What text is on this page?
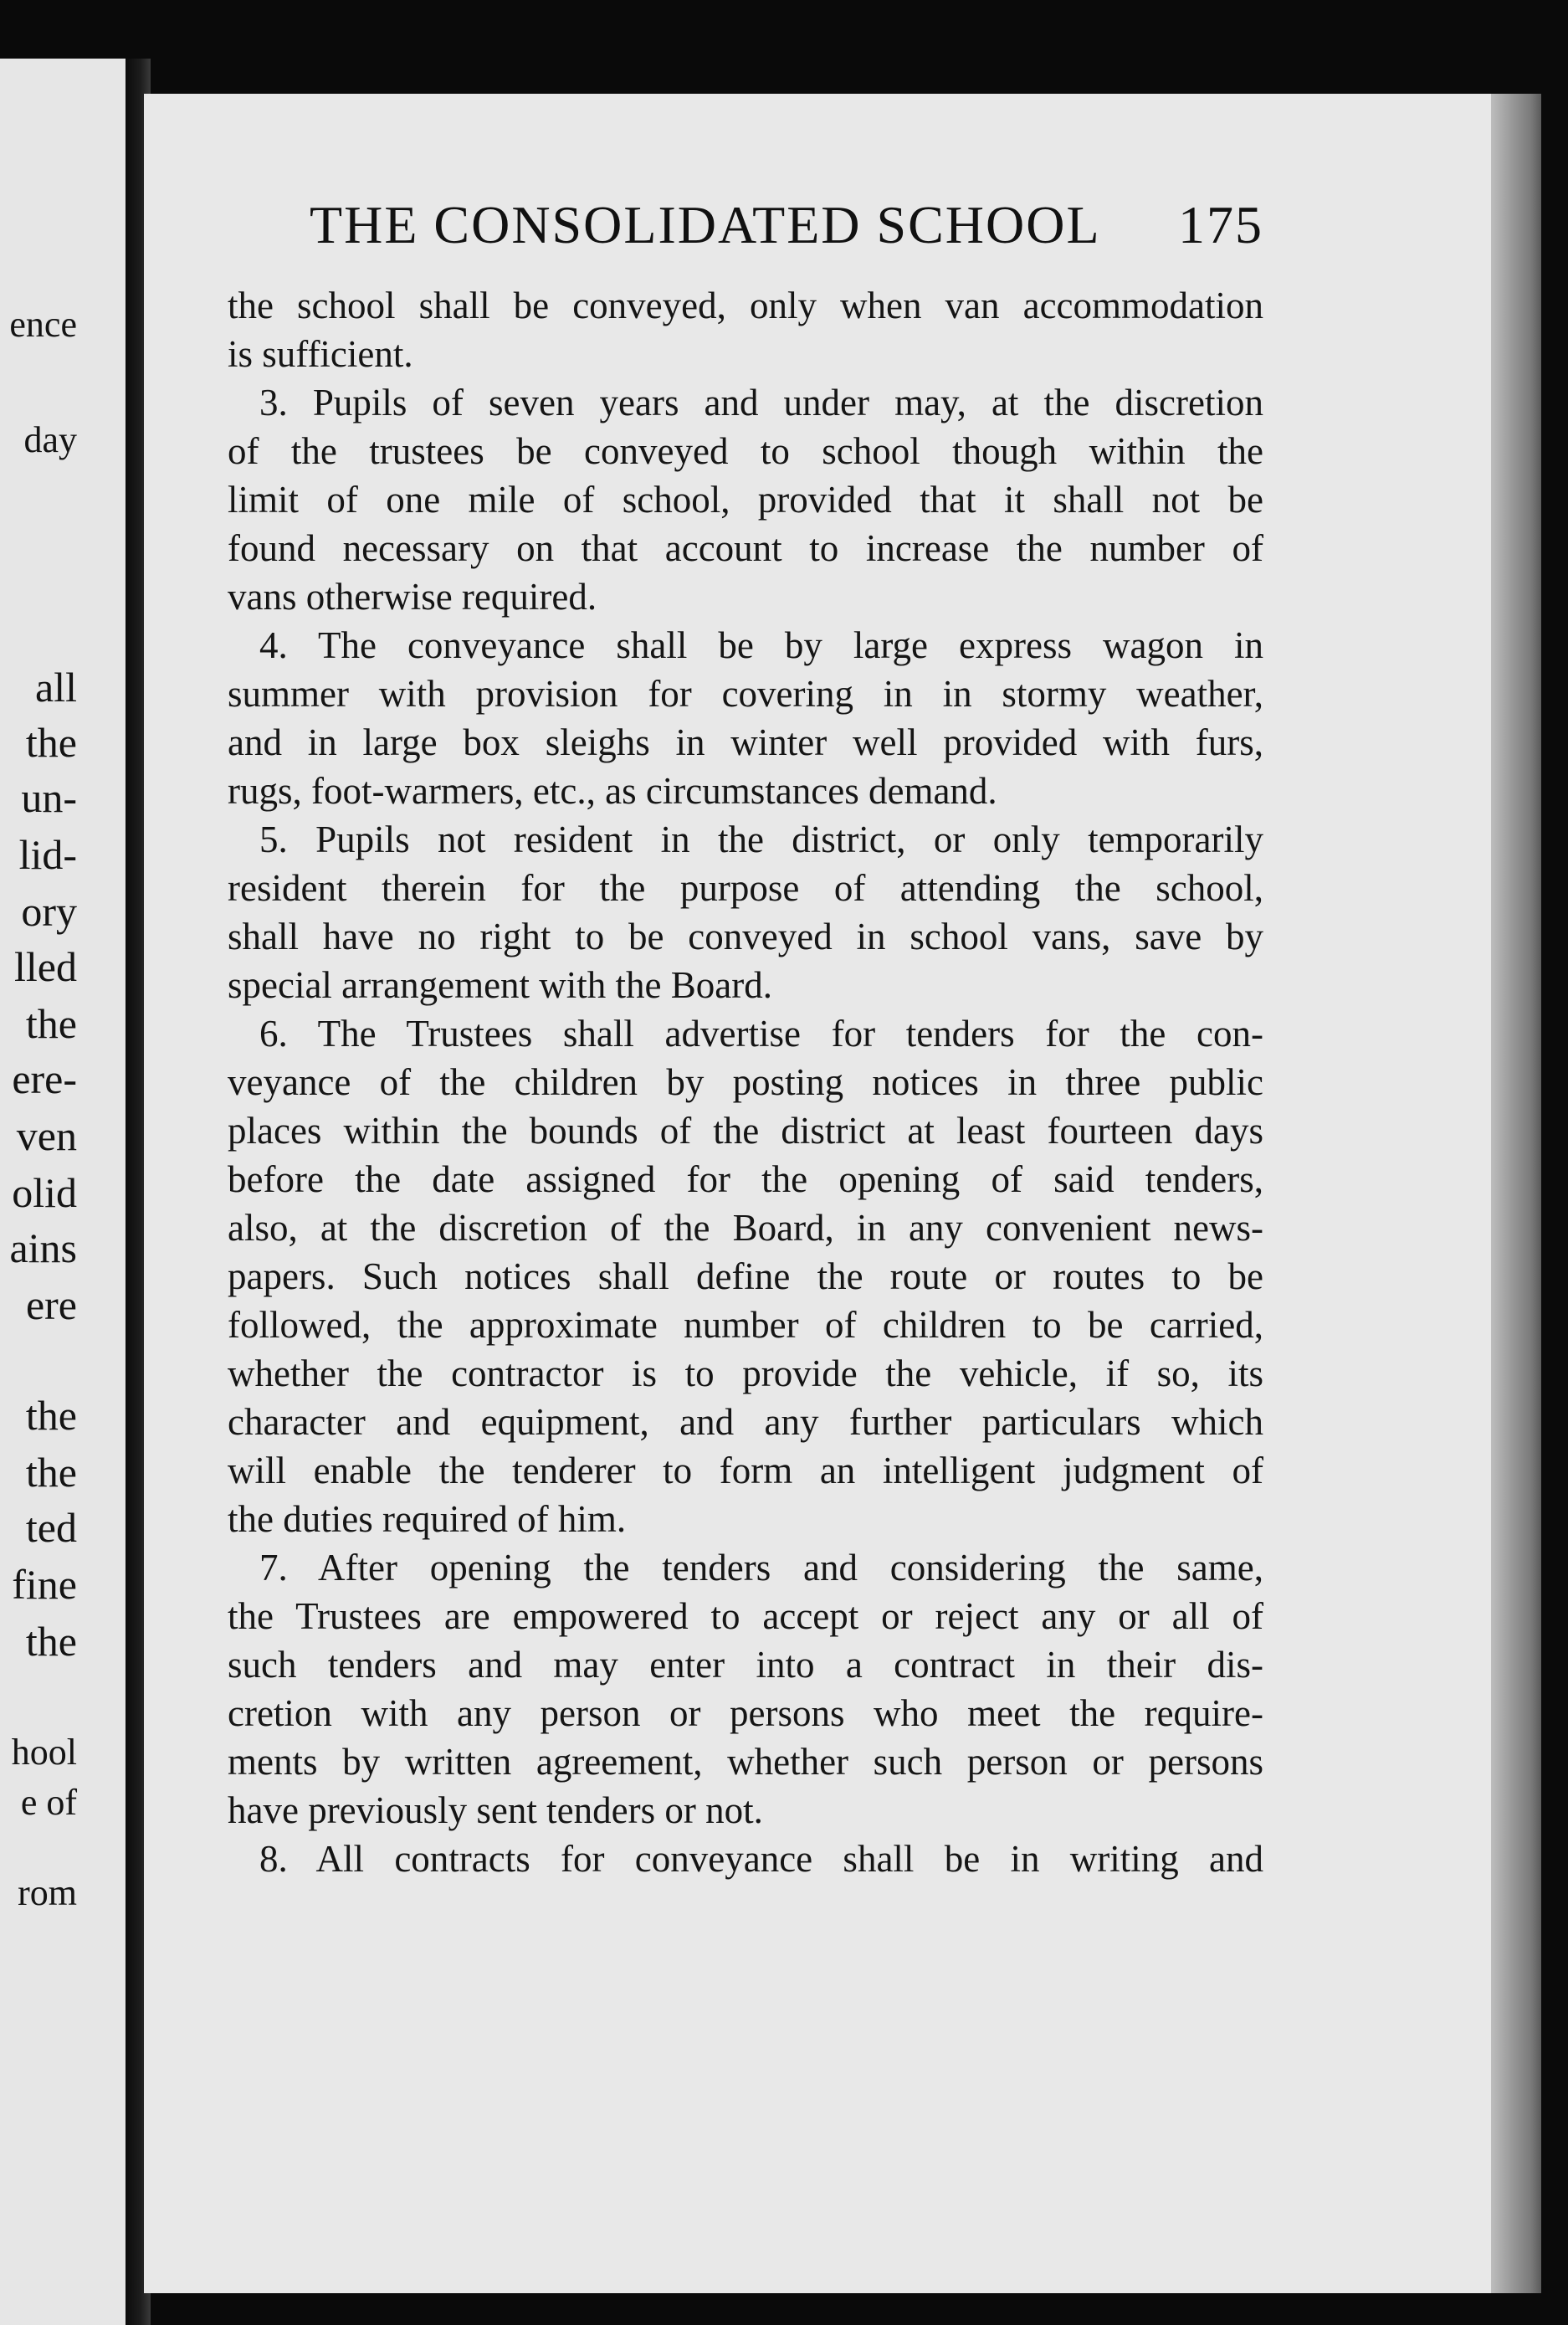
ence
day
all
the
un-
lid-
ory
lled
the
ere-
ven
olid
ains
ere
the
the
ted
fine
the
hool
e of
rom
THE CONSOLIDATED SCHOOL 175
the school shall be conveyed, only when van accommodation
is sufficient.
3. Pupils of seven years and under may, at the discretion
of the trustees be conveyed to school though within the
limit of one mile of school, provided that it shall not be
found necessary on that account to increase the number of
vans otherwise required.
4. The conveyance shall be by large express wagon in
summer with provision for covering in in stormy weather,
and in large box sleighs in winter well provided with furs,
rugs, foot-warmers, etc., as circumstances demand.
5. Pupils not resident in the district, or only temporarily
resident therein for the purpose of attending the school,
shall have no right to be conveyed in school vans, save by
special arrangement with the Board.
6. The Trustees shall advertise for tenders for the con-
veyance of the children by posting notices in three public
places within the bounds of the district at least fourteen days
before the date assigned for the opening of said tenders,
also, at the discretion of the Board, in any convenient news-
papers. Such notices shall define the route or routes to be
followed, the approximate number of children to be carried,
whether the contractor is to provide the vehicle, if so, its
character and equipment, and any further particulars which
will enable the tenderer to form an intelligent judgment of
the duties required of him.
7. After opening the tenders and considering the same,
the Trustees are empowered to accept or reject any or all of
such tenders and may enter into a contract in their dis-
cretion with any person or persons who meet the require-
ments by written agreement, whether such person or persons
have previously sent tenders or not.
8. All contracts for conveyance shall be in writing and
